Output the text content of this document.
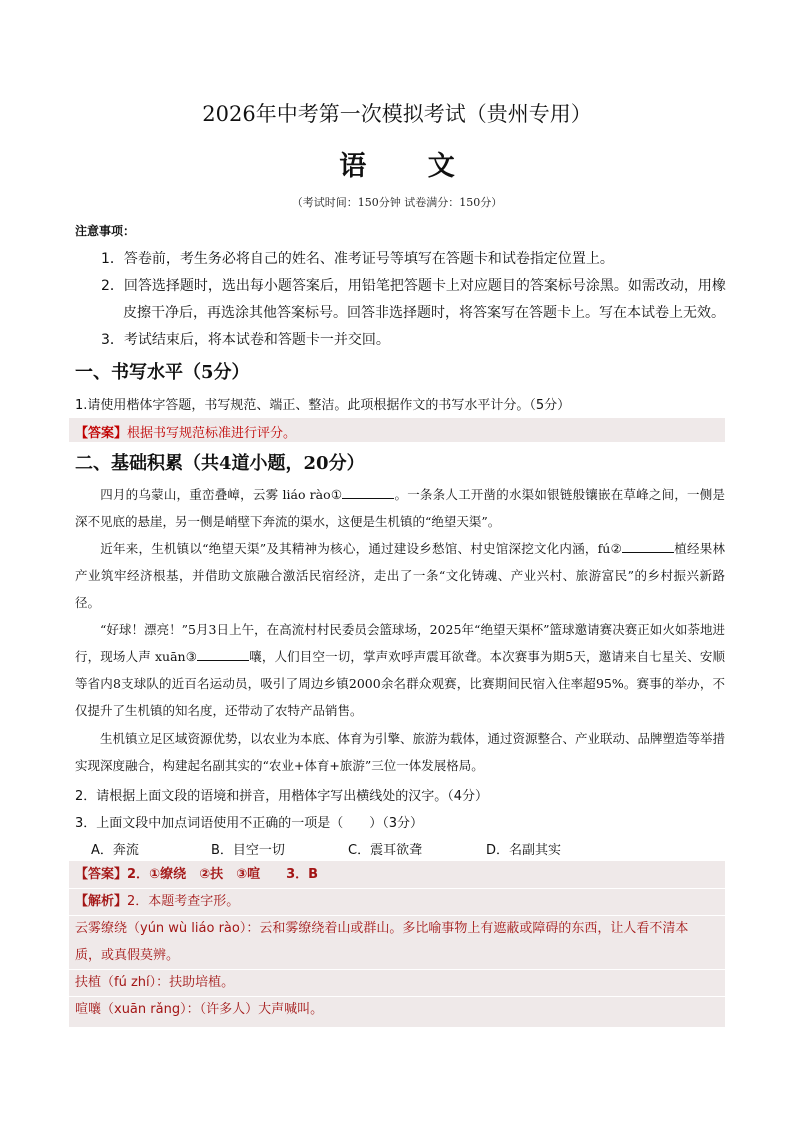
2026年中考第一次模拟考试（贵州专用）
语 文
（考试时间：150分钟 试卷满分：150分）
注意事项：
1．答卷前，考生务必将自己的姓名、准考证号等填写在答题卡和试卷指定位置上。
2．回答选择题时，选出每小题答案后，用铅笔把答题卡上对应题目的答案标号涂黑。如需改动，用橡
皮擦干净后，再选涂其他答案标号。回答非选择题时，将答案写在答题卡上。写在本试卷上无效。
3．考试结束后，将本试卷和答题卡一并交回。
一、书写水平（5分）
1.请使用楷体字答题，书写规范、端正、整洁。此项根据作文的书写水平计分。（5分）
【答案】根据书写规范标准进行评分。
二、基础积累（共4道小题，20分）
四月的乌蒙山，重峦叠嶂，云雾 liáo rào①	。一条条人工开凿的水渠如银链般镶嵌在草峰之间，一侧是深不见底的悬崖，另一侧是峭壁下奔流的渠水，这便是生机镇的“绝望天渠”。
近年来，生机镇以“绝望天渠”及其精神为核心，通过建设乡愁馆、村史馆深挖文化内涵，fú②	植经果林产业筑牢经济根基，并借助文旅融合激活民宿经济，走出了一条“文化铸魂、产业兴村、旅游富民”的乡村振兴新路径。
“好球！漂亮！”5月3日上午，在高流村村民委员会篮球场，2025年“绝望天渠杯”篮球邀请赛决赛正如火如荼地进行，现场人声 xuān③	嚷，人们目空一切，掌声欢呼声震耳欲聋。本次赛事为期5天，邀请来自七星关、安顺等省内8支球队的近百名运动员，吸引了周边乡镇2000余名群众观赛，比赛期间民宿入住率超95%。赛事的举办，不仅提升了生机镇的知名度，还带动了农特产品销售。
生机镇立足区域资源优势，以农业为本底、体育为引擎、旅游为载体，通过资源整合、产业联动、品牌塑造等举措实现深度融合，构建起名副其实的“农业+体育+旅游”三位一体发展格局。
2．请根据上面文段的语境和拼音，用楷体字写出横线处的汉字。（4分）
3．上面文段中加点词语使用不正确的一项是（　　）（3分）
A．奔流	B．目空一切	C．震耳欲聋	D．名副其实
【答案】2．①缭绕　②扶　③喧　　3．B
【解析】2．本题考查字形。
云雾缭绕（yún wù liáo rào）：云和雾缭绕着山或群山。多比喻事物上有遮蔽或障碍的东西，让人看不清本
质，或真假莫辨。
扶植（fú zhí）：扶助培植。
喧嚷（xuān rǎng）：（许多人）大声喊叫。
